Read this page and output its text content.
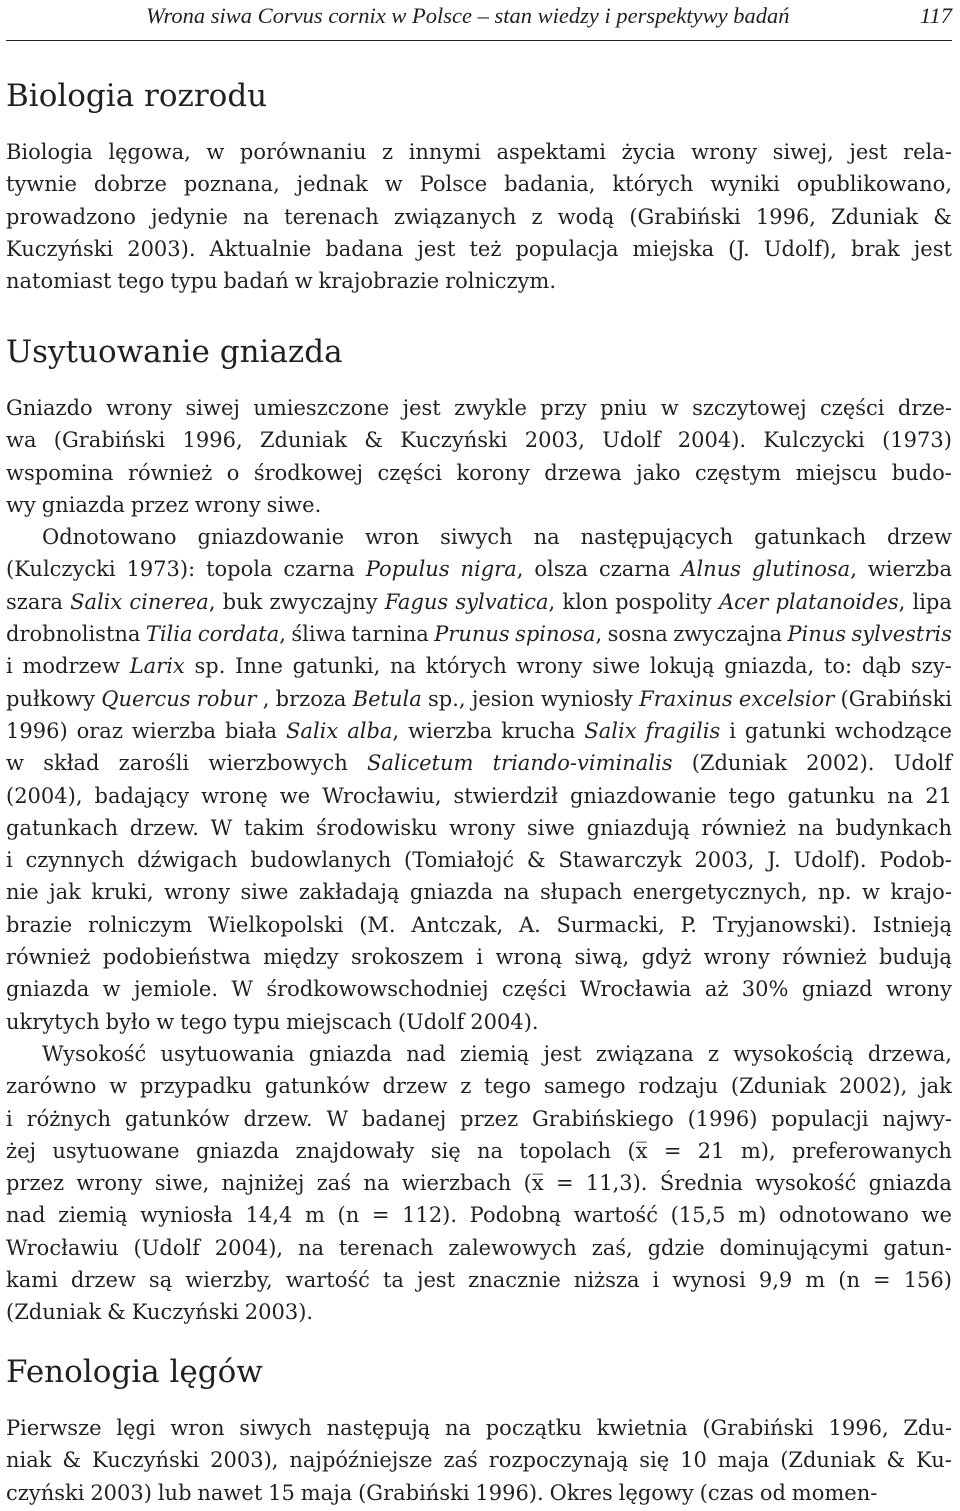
Wrona siwa Corvus cornix w Polsce – stan wiedzy i perspektywy badań	117
Biologia rozrodu

Biologia lęgowa, w porównaniu z innymi aspektami życia wrony siwej, jest rela-
tywnie dobrze poznana, jednak w Polsce badania, których wyniki opublikowano,
prowadzono jedynie na terenach związanych z wodą (Grabiński 1996, Zduniak &
Kuczyński 2003). Aktualnie badana jest też populacja miejska (J. Udolf), brak jest
natomiast tego typu badań w krajobrazie rolniczym.

Usytuowanie gniazda

Gniazdo wrony siwej umieszczone jest zwykle przy pniu w szczytowej części drze-
wa (Grabiński 1996, Zduniak & Kuczyński 2003, Udolf 2004). Kulczycki (1973)
wspomina również o środkowej części korony drzewa jako częstym miejscu budo-
wy gniazda przez wrony siwe.

Odnotowano gniazdowanie wron siwych na następujących gatunkach drzew
(Kulczycki 1973): topola czarna Populus nigra, olsza czarna Alnus glutinosa, wierzba
szara Salix cinerea, buk zwyczajny Fagus sylvatica, klon pospolity Acer platanoides, lipa
drobnolistna Tilia cordata, śliwa tarnina Prunus spinosa, sosna zwyczajna Pinus sylvestris
i modrzew Larix sp. Inne gatunki, na których wrony siwe lokują gniazda, to: dąb szy-
pułkowy Quercus robur , brzoza Betula sp., jesion wyniosły Fraxinus excelsior (Grabiński
1996) oraz wierzba biała Salix alba, wierzba krucha Salix fragilis i gatunki wchodzące
w skład zarośli wierzbowych Salicetum triando-viminalis (Zduniak 2002). Udolf
(2004), badający wronę we Wrocławiu, stwierdził gniazdowanie tego gatunku na 21
gatunkach drzew. W takim środowisku wrony siwe gniazdują również na budynkach
i czynnych dźwigach budowlanych (Tomiałojć & Stawarczyk 2003, J. Udolf). Podob-
nie jak kruki, wrony siwe zakładają gniazda na słupach energetycznych, np. w krajo-
brazie rolniczym Wielkopolski (M. Antczak, A. Surmacki, P. Tryjanowski). Istnieją
również podobieństwa między srokoszem i wroną siwą, gdyż wrony również budują
gniazda w jemiole. W środkowowschodniej części Wrocławia aż 30% gniazd wrony
ukrytych było w tego typu miejscach (Udolf 2004).

Wysokość usytuowania gniazda nad ziemią jest związana z wysokością drzewa,
zarówno w przypadku gatunków drzew z tego samego rodzaju (Zduniak 2002), jak
i różnych gatunków drzew. W badanej przez Grabińskiego (1996) populacji najwy-
żej usytuowane gniazda znajdowały się na topolach (x̅ = 21 m), preferowanych
przez wrony siwe, najniżej zaś na wierzbach (x̅ = 11,3). Średnia wysokość gniazda
nad ziemią wyniosła 14,4 m (n = 112). Podobną wartość (15,5 m) odnotowano we
Wrocławiu (Udolf 2004), na terenach zalewowych zaś, gdzie dominującymi gatun-
kami drzew są wierzby, wartość ta jest znacznie niższa i wynosi 9,9 m (n = 156)
(Zduniak & Kuczyński 2003).

Fenologia lęgów

Pierwsze lęgi wron siwych następują na początku kwietnia (Grabiński 1996, Zdu-
niak & Kuczyński 2003), najpóźniejsze zaś rozpoczynają się 10 maja (Zduniak & Ku-
czyński 2003) lub nawet 15 maja (Grabiński 1996). Okres lęgowy (czas od momen-
